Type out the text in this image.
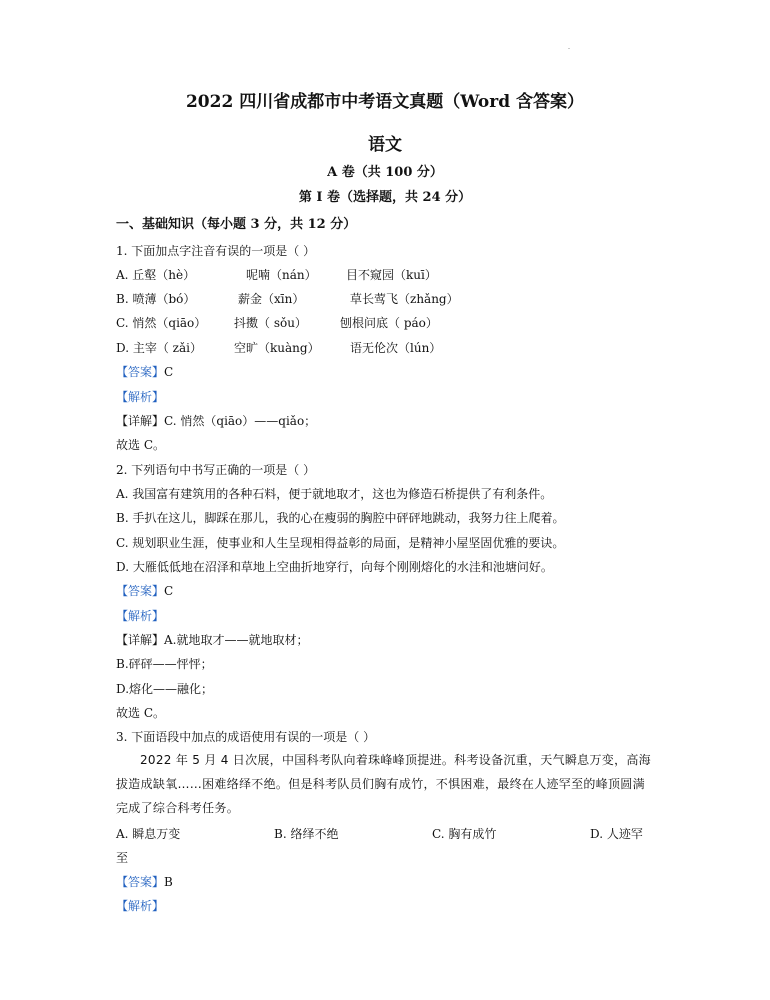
2022 四川省成都市中考语文真题（Word 含答案）
语文
A 卷（共 100 分）
第 I 卷（选择题，共 24 分）
一、基础知识（每小题 3 分，共 12 分）
1. 下面加点字注音有误的一项是（ ）
A. 丘壑（hè）	呢喃（nán） 目不窥园（kuī）
B. 喷薄（bó）	薪金（xīn）	草长莺飞（zhǎng）
C. 悄然（qiāo） 抖擞（ sǒu）	刨根问底（ páo）
D. 主宰（ zǎi）	空旷（kuàng）	语无伦次（lún）
【答案】C
【解析】
【详解】C. 悄然（qiāo）——qiǎo；
故选 C。
2. 下列语句中书写正确的一项是（ ）
A. 我国富有建筑用的各种石料，便于就地取才，这也为修造石桥提供了有利条件。
B. 手扒在这儿，脚踩在那儿，我的心在瘦弱的胸腔中砰砰地跳动，我努力往上爬着。
C. 规划职业生涯，使事业和人生呈现相得益彰的局面，是精神小屋坚固优雅的要诀。
D. 大雁低低地在沼泽和草地上空曲折地穿行，向每个刚刚熔化的水洼和池塘问好。
【答案】C
【解析】
【详解】A.就地取才——就地取材；
B.砰砰——怦怦；
D.熔化——融化；
故选 C。
3. 下面语段中加点的成语使用有误的一项是（ ）
2022 年 5 月 4 日次展，中国科考队向着珠峰峰顶提进。科考设备沉重，天气瞬息万变，高海拔造成缺氧……困难络绎不绝。但是科考队员们胸有成竹，不惧困难，最终在人迹罕至的峰顶圆满完成了综合科考任务。
A. 瞬息万变	B. 络绎不绝	C. 胸有成竹	D. 人迹罕
至
【答案】B
【解析】
